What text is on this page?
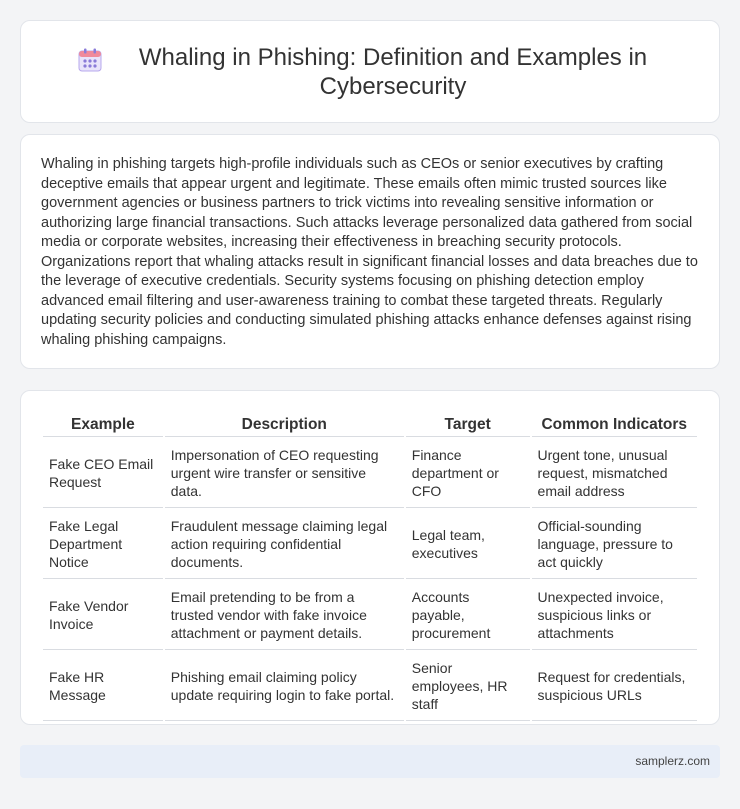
Whaling in Phishing: Definition and Examples in Cybersecurity

Whaling in phishing targets high-profile individuals such as CEOs or senior executives by crafting deceptive emails that appear urgent and legitimate. These emails often mimic trusted sources like government agencies or business partners to trick victims into revealing sensitive information or authorizing large financial transactions. Such attacks leverage personalized data gathered from social media or corporate websites, increasing their effectiveness in breaching security protocols. Organizations report that whaling attacks result in significant financial losses and data breaches due to the leverage of executive credentials. Security systems focusing on phishing detection employ advanced email filtering and user-awareness training to combat these targeted threats. Regularly updating security policies and conducting simulated phishing attacks enhance defenses against rising whaling phishing campaigns.

Example	Description	Target	Common Indicators
Fake CEO Email Request	Impersonation of CEO requesting urgent wire transfer or sensitive data.	Finance department or CFO	Urgent tone, unusual request, mismatched email address
Fake Legal Department Notice	Fraudulent message claiming legal action requiring confidential documents.	Legal team, executives	Official-sounding language, pressure to act quickly
Fake Vendor Invoice	Email pretending to be from a trusted vendor with fake invoice attachment or payment details.	Accounts payable, procurement	Unexpected invoice, suspicious links or attachments
Fake HR Message	Phishing email claiming policy update requiring login to fake portal.	Senior employees, HR staff	Request for credentials, suspicious URLs
samplerz.com
